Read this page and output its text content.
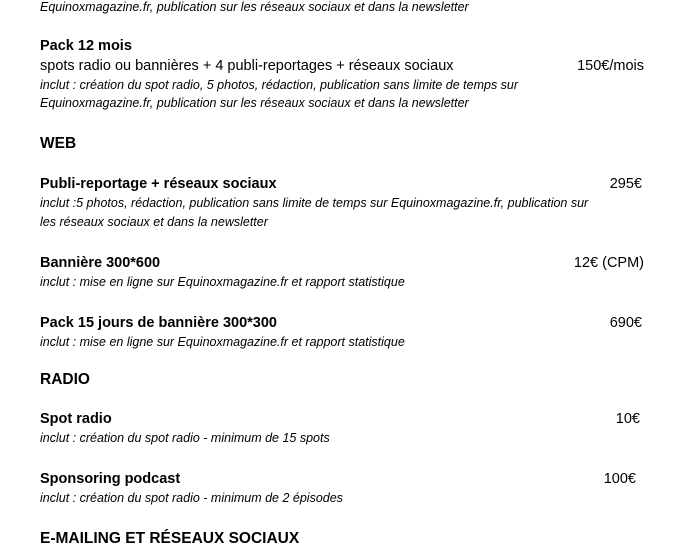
Equinoxmagazine.fr, publication sur les réseaux sociaux et dans la newsletter
Pack 12 mois
spots radio ou bannières + 4 publi-reportages + réseaux sociaux	150€/mois
inclut : création du spot radio, 5 photos, rédaction, publication sans limite de temps sur
Equinoxmagazine.fr, publication sur les réseaux sociaux et dans la newsletter
WEB
Publi-reportage + réseaux sociaux	295€
inclut :5 photos, rédaction, publication sans limite de temps sur Equinoxmagazine.fr, publication sur
les réseaux sociaux et dans la newsletter
Bannière 300*600	12€ (CPM)
inclut : mise en ligne sur Equinoxmagazine.fr et rapport statistique
Pack 15 jours de bannière 300*300	690€
inclut : mise en ligne sur Equinoxmagazine.fr et rapport statistique
RADIO
Spot radio	10€
inclut : création du spot radio - minimum de 15 spots
Sponsoring podcast	100€
inclut : création du spot radio - minimum de 2 épisodes
E-MAILING ET RÉSEAUX SOCIAUX
